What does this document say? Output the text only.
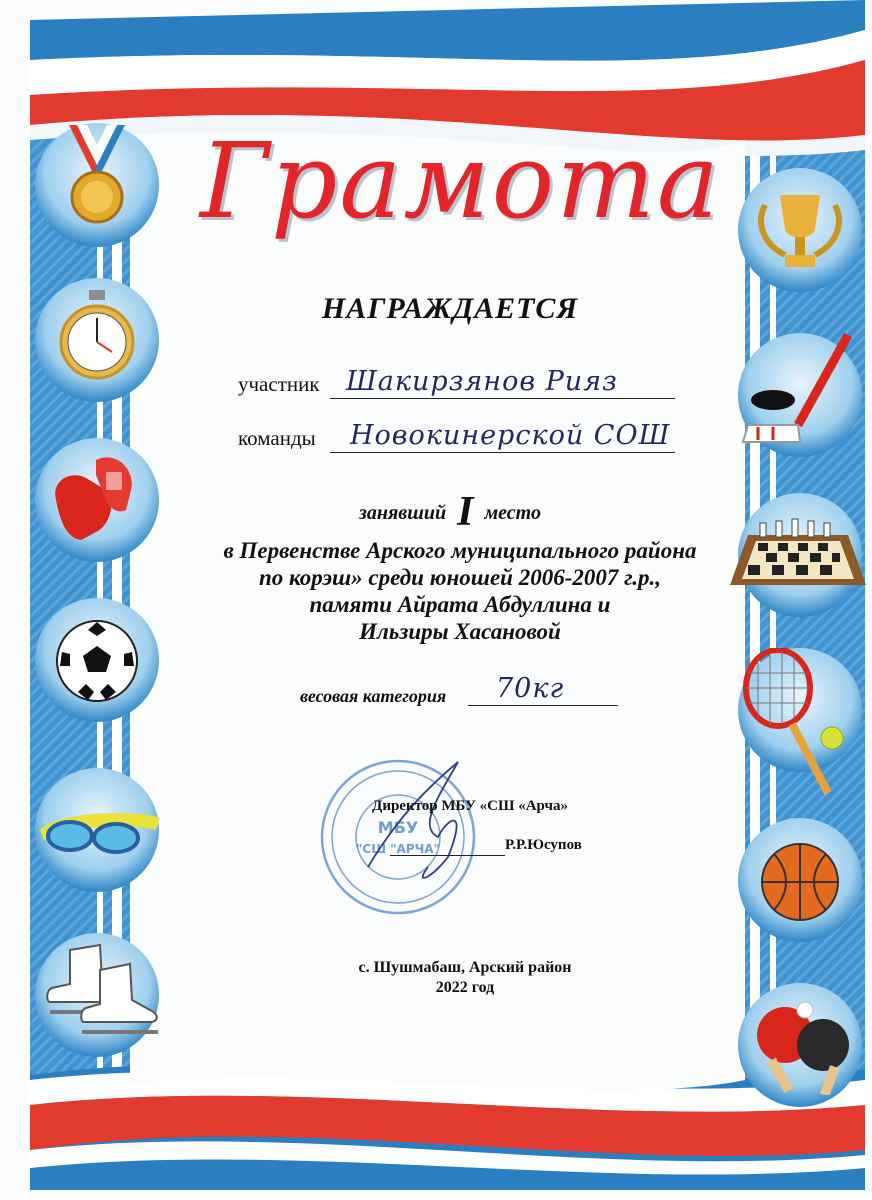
Грамота
НАГРАЖДАЕТСЯ
участник Шакирзянов Рияз
команды Новокинерской СОШ
занявший I место
в Первенстве Арского муниципального района
по корэш» среди юношей 2006-2007 г.р.,
памяти Айрата Абдуллина и
Ильзиры Хасановой
весовая категория 70кг
МБУ
"СШ "АРЧА"
Директор МБУ «СШ «Арча»
Р.Р.Юсупов
с. Шушмабаш, Арский район
2022 год
